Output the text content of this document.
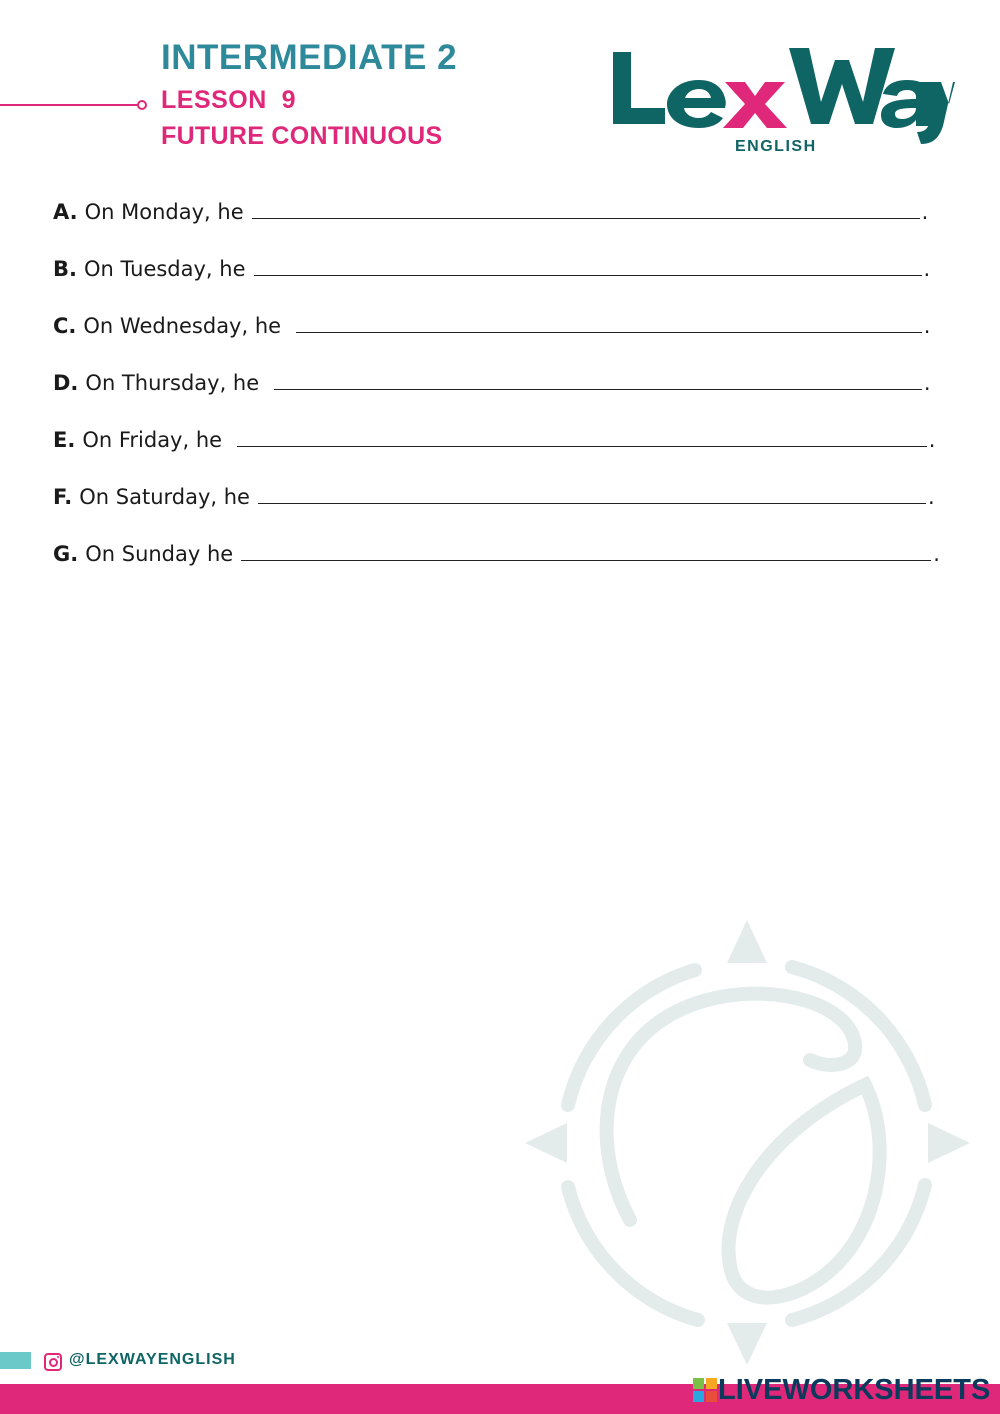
INTERMEDIATE 2
LESSON  9
FUTURE CONTINUOUS	ENGLISH
A. On Monday, he	.
B. On Tuesday, he	.
C. On Wednesday, he	.
D. On Thursday, he	.
E. On Friday, he	.
F. On Saturday, he	.
G. On Sunday he	.
@LEXWAYENGLISH
LIVEWORKSHEETS
